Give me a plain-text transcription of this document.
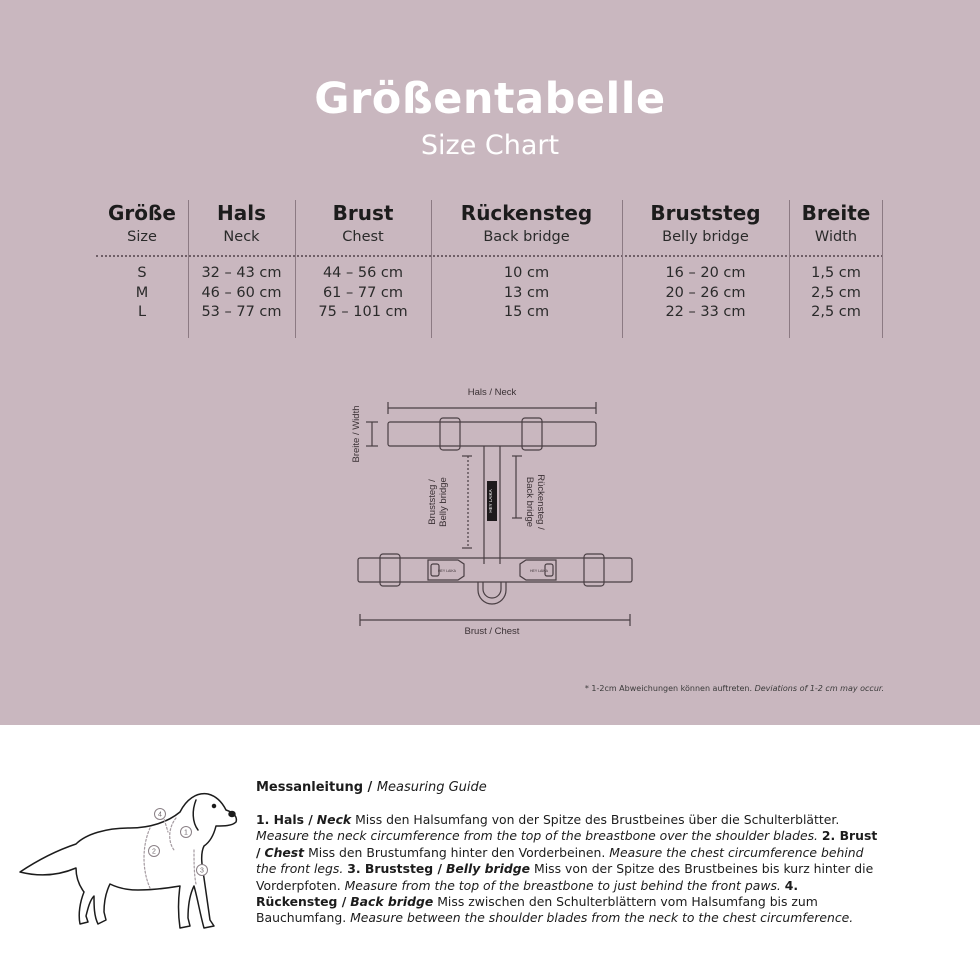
Größentabelle
Size Chart
Größe
Size
S
M
L
Hals
Neck
32 – 43 cm
46 – 60 cm
53 – 77 cm
Brust
Chest
44 – 56 cm
61 – 77 cm
75 – 101 cm
Rückensteg
Back bridge
10 cm
13 cm
15 cm
Bruststeg
Belly bridge
16 – 20 cm
20 – 26 cm
22 – 33 cm
Breite
Width
1,5 cm
2,5 cm
2,5 cm
Hals / Neck
Breite / Width
HEY LAIKA
Bruststeg / Belly bridge	Rückensteg /
Back bridge
HEY LAIKA	HEY LAIKA
Brust / Chest
* 1-2cm Abweichungen können auftreten. Deviations of 1-2 cm may occur.
1
2
3
4
Messanleitung / Measuring Guide
1. Hals / Neck Miss den Halsumfang von der Spitze des Brustbeines über die Schulterblätter. Measure the neck circumference from the top of the breastbone over the shoulder blades. 2. Brust / Chest Miss den Brustumfang hinter den Vorderbeinen. Measure the chest circumference behind the front legs. 3. Bruststeg / Belly bridge Miss von der Spitze des Brustbeines bis kurz hinter die Vorderpfoten. Measure from the top of the breastbone to just behind the front paws. 4. Rückensteg / Back bridge Miss zwischen den Schulterblättern vom Halsumfang bis zum Bauchumfang. Measure between the shoulder blades from the neck to the chest circumference.
